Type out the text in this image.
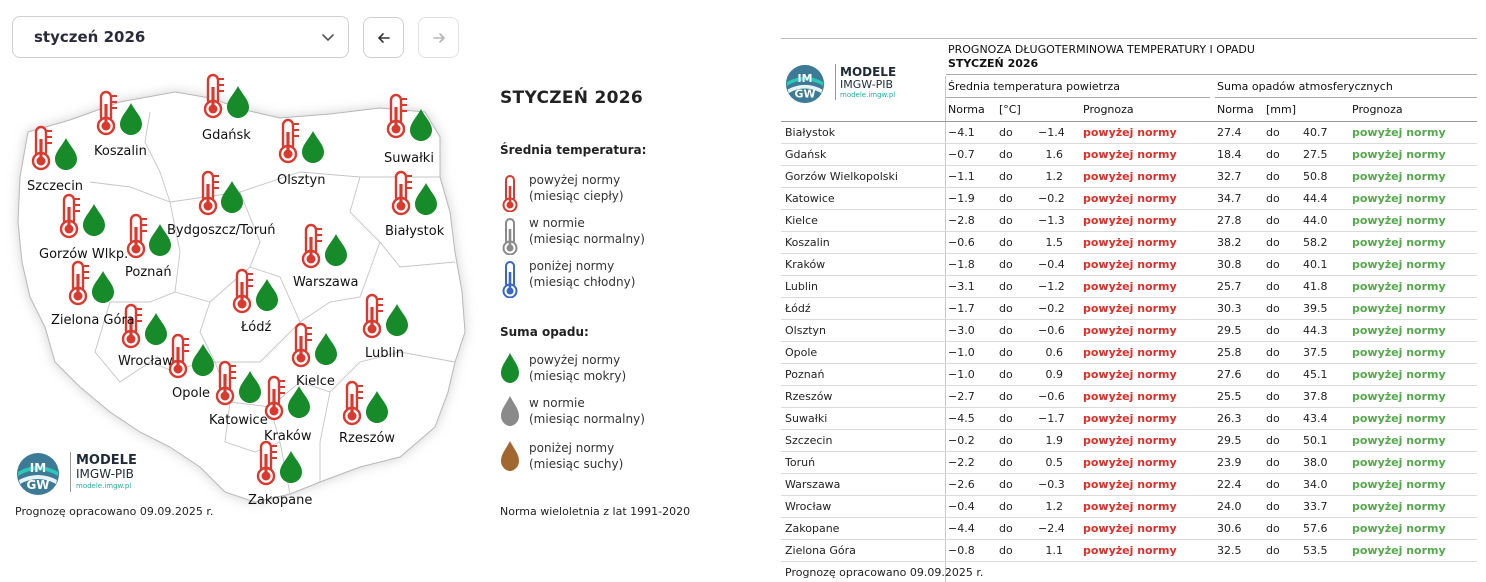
styczeń 2026
Koszalin
Gdańsk
Suwałki
Szczecin	Olsztyn
Białystok
Bydgoszcz/Toruń
Gorzów Wlkp.
Poznań
Warszawa
Zielona Góra	Łódź
Wrocław
Lublin
Opole
Kielce
Katowice
Kraków Rzeszów
Zakopane
IM
GW
MODELE
IMGW-PIB
modele.imgw.pl
Prognozę opracowano 09.09.2025 r.
STYCZEŃ 2026
Średnia temperatura:
powyżej normy
(miesiąc ciepły)
w normie
(miesiąc normalny)
poniżej normy
(miesiąc chłodny)
Suma opadu:
powyżej normy
(miesiąc mokry)
w normie
(miesiąc normalny)
poniżej normy
(miesiąc suchy)
Norma wieloletnia z lat 1991-2020
IM
GW
MODELE
IMGW-PIB
modele.imgw.pl
PROGNOZA DŁUGOTERMINOWA TEMPERATURY I OPADU
STYCZEŃ 2026
Średnia temperatura powietrza	Suma opadów atmosferycznych
Norma [°C]	Prognoza	Norma [mm]	Prognoza
Białystok	−4.1 do −1.4 powyżej normy	27.4 do 40.7 powyżej normy
Gdańsk	−0.7 do	1.6 powyżej normy	18.4 do 27.5 powyżej normy
Gorzów Wielkopolski	−1.1 do	1.2 powyżej normy	32.7 do 50.8 powyżej normy
Katowice	−1.9 do −0.2 powyżej normy	34.7 do 44.4 powyżej normy
Kielce	−2.8 do −1.3 powyżej normy	27.8 do 44.0 powyżej normy
Koszalin	−0.6 do	1.5 powyżej normy	38.2 do 58.2 powyżej normy
Kraków	−1.8 do −0.4 powyżej normy	30.8 do 40.1 powyżej normy
Lublin	−3.1 do −1.2 powyżej normy	25.7 do 41.8 powyżej normy
Łódź	−1.7 do −0.2 powyżej normy	30.3 do 39.5 powyżej normy
Olsztyn	−3.0 do −0.6 powyżej normy	29.5 do 44.3 powyżej normy
Opole	−1.0 do	0.6 powyżej normy	25.8 do 37.5 powyżej normy
Poznań	−1.0 do	0.9 powyżej normy	27.6 do 45.1 powyżej normy
Rzeszów	−2.7 do −0.6 powyżej normy	25.5 do 37.8 powyżej normy
Suwałki	−4.5 do −1.7 powyżej normy	26.3 do 43.4 powyżej normy
Szczecin	−0.2 do	1.9 powyżej normy	29.5 do 50.1 powyżej normy
Toruń	−2.2 do	0.5 powyżej normy	23.9 do 38.0 powyżej normy
Warszawa	−2.6 do −0.3 powyżej normy	22.4 do 34.0 powyżej normy
Wrocław	−0.4 do	1.2 powyżej normy	24.0 do 33.7 powyżej normy
Zakopane	−4.4 do −2.4 powyżej normy	30.6 do 57.6 powyżej normy
Zielona Góra	−0.8 do	1.1 powyżej normy	32.5 do 53.5 powyżej normy
Prognozę opracowano 09.09.2025 r.
